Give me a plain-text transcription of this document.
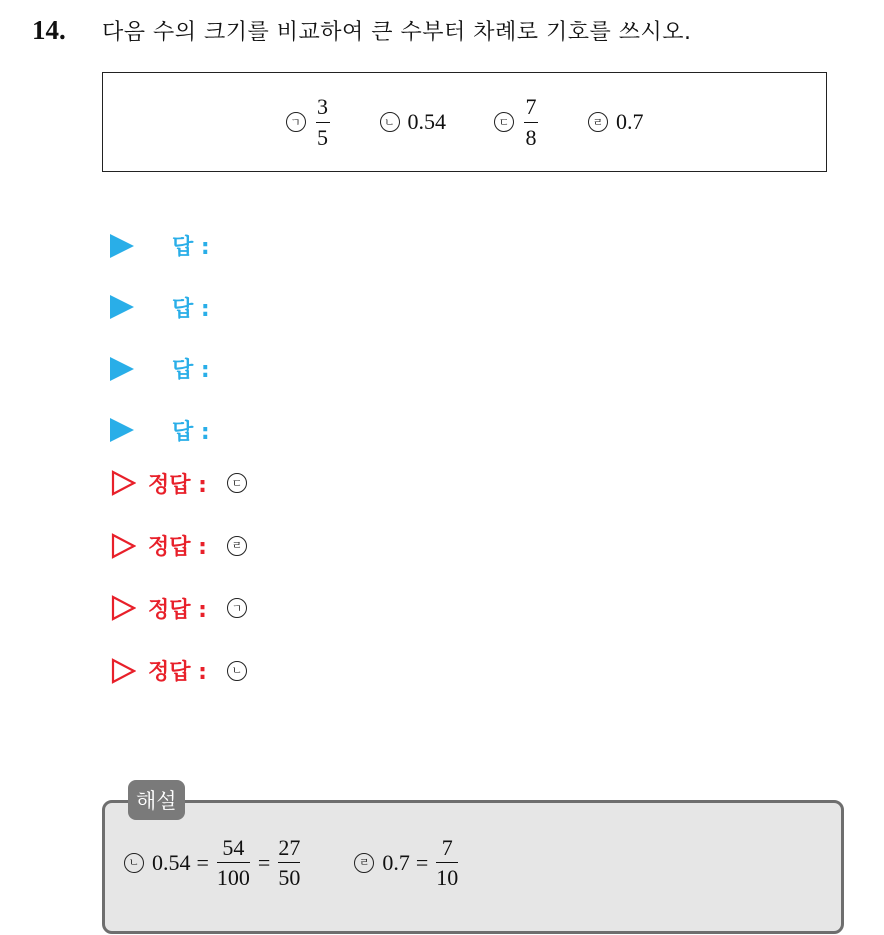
14.	다음 수의 크기를 비교하여 큰 수부터 차례로 기호를 쓰시오.
ㄱ $\frac{3}{5}$	ㄴ 0.54	ㄷ $\frac{7}{8}$	ㄹ 0.7
답 :
답 :
답 :
답 :
정답 :	ㄷ
정답 :	ㄹ
정답 :	ㄱ
정답 :	ㄴ
해설
ㄴ $0.54 = \frac{54}{100} = \frac{27}{50}$	ㄹ $0.7 = \frac{7}{10}$
